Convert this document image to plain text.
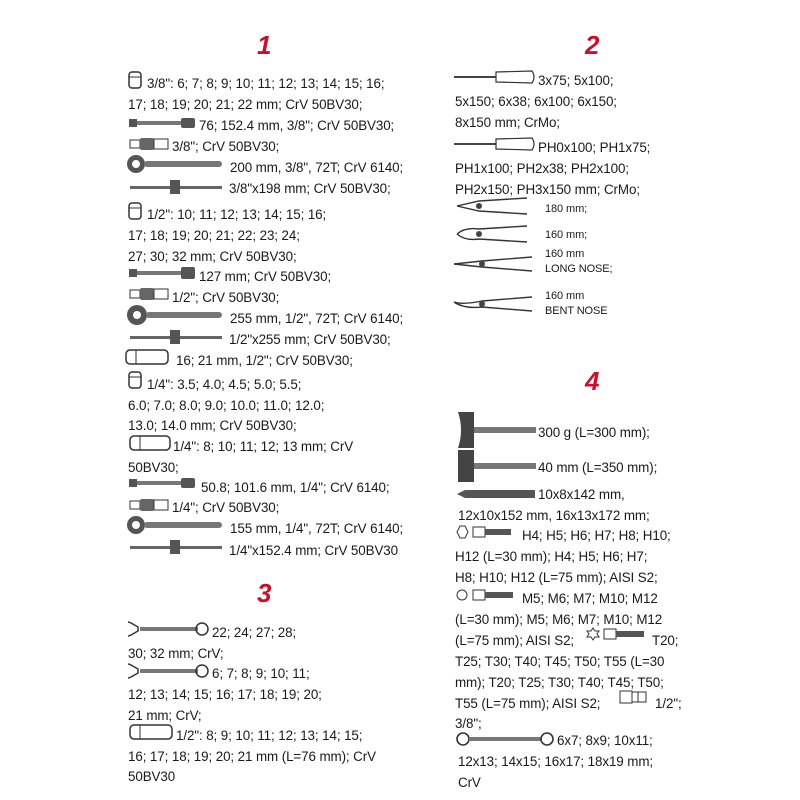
1	2
3
4
3/8": 6; 7; 8; 9; 10; 11; 12; 13; 14; 15; 16;
17; 18; 19; 20; 21; 22 mm; CrV 50BV30;
76; 152.4 mm, 3/8"; CrV 50BV30;
3/8"; CrV 50BV30;
200 mm, 3/8", 72T; CrV 6140;
3/8"x198 mm; CrV 50BV30;
1/2": 10; 11; 12; 13; 14; 15; 16;
17; 18; 19; 20; 21; 22; 23; 24;
27; 30; 32 mm; CrV 50BV30;
127 mm; CrV 50BV30;
1/2"; CrV 50BV30;
255 mm, 1/2", 72T; CrV 6140;
1/2"x255 mm; CrV 50BV30;
16; 21 mm, 1/2"; CrV 50BV30;
1/4": 3.5; 4.0; 4.5; 5.0; 5.5;
6.0; 7.0; 8.0; 9.0; 10.0; 11.0; 12.0;
13.0; 14.0 mm; CrV 50BV30;
1/4": 8; 10; 11; 12; 13 mm; CrV
50BV30;
50.8; 101.6 mm, 1/4"; CrV 6140;
1/4"; CrV 50BV30;
155 mm, 1/4", 72T; CrV 6140;
1/4"x152.4 mm; CrV 50BV30
3x75; 5x100;
5x150; 6x38; 6x100; 6x150;
8x150 mm; CrMo;
PH0x100; PH1x75;
PH1x100; PH2x38; PH2x100;
PH2x150; PH3x150 mm; CrMo;
180 mm;
160 mm;
160 mm
LONG NOSE;
160 mm
BENT NOSE
22; 24; 27; 28;
30; 32 mm; CrV;
6; 7; 8; 9; 10; 11;
12; 13; 14; 15; 16; 17; 18; 19; 20;
21 mm; CrV;
1/2": 8; 9; 10; 11; 12; 13; 14; 15;
16; 17; 18; 19; 20; 21 mm (L=76 mm); CrV
50BV30
300 g (L=300 mm);
40 mm (L=350 mm);
10x8x142 mm,
12x10x152 mm, 16x13x172 mm;
H4; H5; H6; H7; H8; H10;
H12 (L=30 mm); H4; H5; H6; H7;
H8; H10; H12 (L=75 mm); AISI S2;
M5; M6; M7; M10; M12
(L=30 mm); M5; M6; M7; M10; M12
(L=75 mm); AISI S2;	T20;
T25; T30; T40; T45; T50; T55 (L=30
mm); T20; T25; T30; T40; T45; T50;
T55 (L=75 mm); AISI S2;	1/2";
3/8";
6x7; 8x9; 10x11;
12x13; 14x15; 16x17; 18x19 mm;
CrV
